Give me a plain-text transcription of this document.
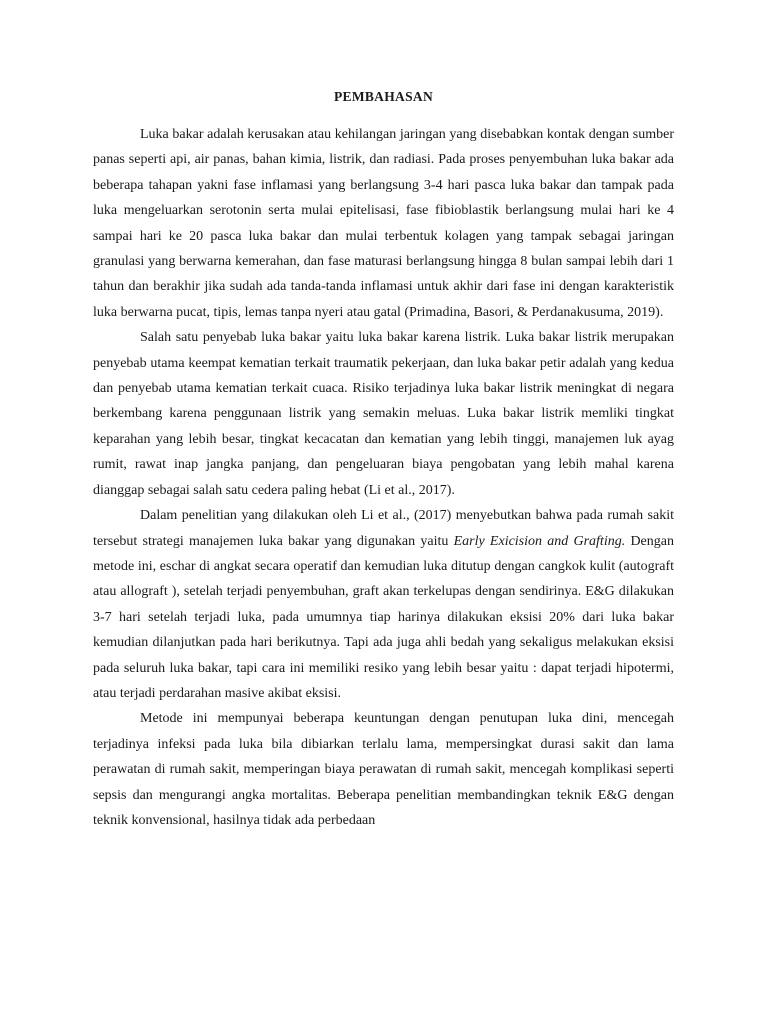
PEMBAHASAN

Luka bakar adalah kerusakan atau kehilangan jaringan yang disebabkan kontak dengan sumber panas seperti api, air panas, bahan kimia, listrik, dan radiasi. Pada proses penyembuhan luka bakar ada beberapa tahapan yakni fase inflamasi yang berlangsung 3-4 hari pasca luka bakar dan tampak pada luka mengeluarkan serotonin serta mulai epitelisasi, fase fibioblastik berlangsung mulai hari ke 4 sampai hari ke 20 pasca luka bakar dan mulai terbentuk kolagen yang tampak sebagai jaringan granulasi yang berwarna kemerahan, dan fase maturasi berlangsung hingga 8 bulan sampai lebih dari 1 tahun dan berakhir jika sudah ada tanda-tanda inflamasi untuk akhir dari fase ini dengan karakteristik luka berwarna pucat, tipis, lemas tanpa nyeri atau gatal (Primadina, Basori, & Perdanakusuma, 2019).

Salah satu penyebab luka bakar yaitu luka bakar karena listrik. Luka bakar listrik merupakan penyebab utama keempat kematian terkait traumatik pekerjaan, dan luka bakar petir adalah yang kedua dan penyebab utama kematian terkait cuaca. Risiko terjadinya luka bakar listrik meningkat di negara berkembang karena penggunaan listrik yang semakin meluas. Luka bakar listrik memliki tingkat keparahan yang lebih besar, tingkat kecacatan dan kematian yang lebih tinggi, manajemen luk ayag rumit, rawat inap jangka panjang, dan pengeluaran biaya pengobatan yang lebih mahal karena dianggap sebagai salah satu cedera paling hebat (Li et al., 2017).

Dalam penelitian yang dilakukan oleh Li et al., (2017) menyebutkan bahwa pada rumah sakit tersebut strategi manajemen luka bakar yang digunakan yaitu Early Exicision and Grafting. Dengan metode ini, eschar di angkat secara operatif dan kemudian luka ditutup dengan cangkok kulit (autograft atau allograft ), setelah terjadi penyembuhan, graft akan terkelupas dengan sendirinya. E&G dilakukan 3-7 hari setelah terjadi luka, pada umumnya tiap harinya dilakukan eksisi 20% dari luka bakar kemudian dilanjutkan pada hari berikutnya. Tapi ada juga ahli bedah yang sekaligus melakukan eksisi pada seluruh luka bakar, tapi cara ini memiliki resiko yang lebih besar yaitu : dapat terjadi hipotermi, atau terjadi perdarahan masive akibat eksisi.

Metode ini mempunyai beberapa keuntungan dengan penutupan luka dini, mencegah terjadinya infeksi pada luka bila dibiarkan terlalu lama, mempersingkat durasi sakit dan lama perawatan di rumah sakit, memperingan biaya perawatan di rumah sakit, mencegah komplikasi seperti sepsis dan mengurangi angka mortalitas. Beberapa penelitian membandingkan teknik E&G dengan teknik konvensional, hasilnya tidak ada perbedaan
